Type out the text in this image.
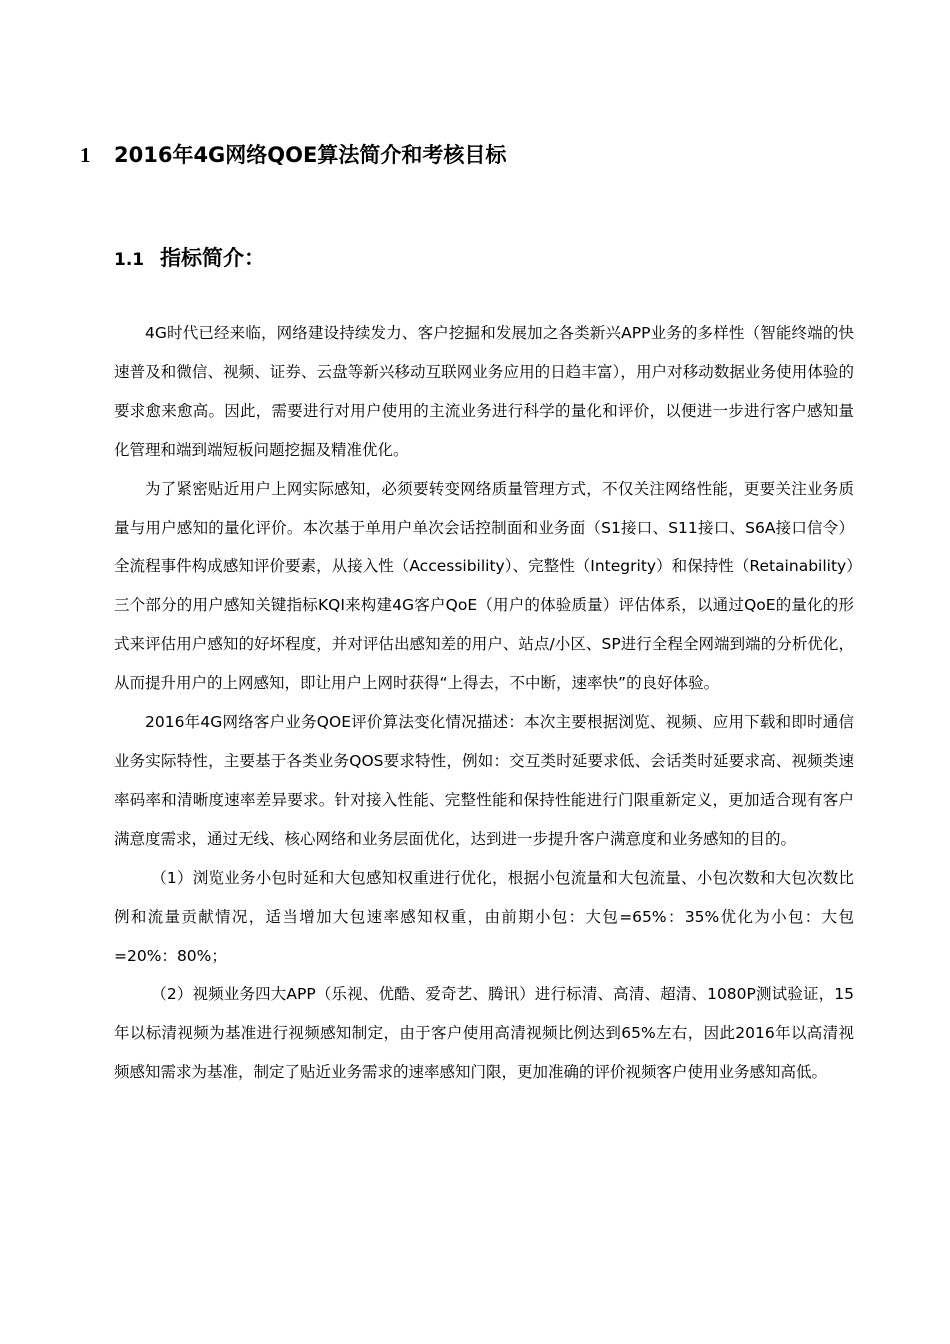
1 2016年4G网络QOE算法简介和考核目标
1.1 指标简介：

4G时代已经来临，网络建设持续发力、客户挖掘和发展加之各类新兴APP业务的多样性（智能终端的快速普及和微信、视频、证券、云盘等新兴移动互联网业务应用的日趋丰富），用户对移动数据业务使用体验的要求愈来愈高。因此，需要进行对用户使用的主流业务进行科学的量化和评价，以便进一步进行客户感知量化管理和端到端短板问题挖掘及精准优化。

为了紧密贴近用户上网实际感知，必须要转变网络质量管理方式，不仅关注网络性能，更要关注业务质量与用户感知的量化评价。本次基于单用户单次会话控制面和业务面（S1接口、S11接口、S6A接口信令）全流程事件构成感知评价要素，从接入性（Accessibility）、完整性（Integrity）和保持性（Retainability）三个部分的用户感知关键指标KQI来构建4G客户QoE（用户的体验质量）评估体系，以通过QoE的量化的形式来评估用户感知的好坏程度，并对评估出感知差的用户、站点/小区、SP进行全程全网端到端的分析优化，从而提升用户的上网感知，即让用户上网时获得“上得去，不中断，速率快”的良好体验。

2016年4G网络客户业务QOE评价算法变化情况描述：本次主要根据浏览、视频、应用下载和即时通信业务实际特性，主要基于各类业务QOS要求特性，例如：交互类时延要求低、会话类时延要求高、视频类速率码率和清晰度速率差异要求。针对接入性能、完整性能和保持性能进行门限重新定义，更加适合现有客户满意度需求，通过无线、核心网络和业务层面优化，达到进一步提升客户满意度和业务感知的目的。

（1）浏览业务小包时延和大包感知权重进行优化，根据小包流量和大包流量、小包次数和大包次数比例和流量贡献情况，适当增加大包速率感知权重，由前期小包：大包=65%：35%优化为小包：大包=20%：80%；

（2）视频业务四大APP（乐视、优酷、爱奇艺、腾讯）进行标清、高清、超清、1080P测试验证，15年以标清视频为基准进行视频感知制定，由于客户使用高清视频比例达到65%左右，因此2016年以高清视频感知需求为基准，制定了贴近业务需求的速率感知门限，更加准确的评价视频客户使用业务感知高低。
